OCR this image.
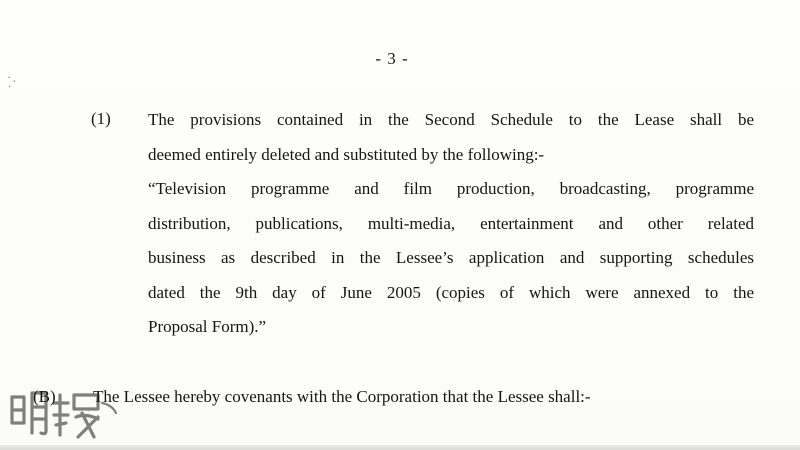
- 3 -
· ·
·
(1) The provisions contained in the Second Schedule to the Lease shall be
deemed entirely deleted and substituted by the following:-
“Television programme and film production, broadcasting, programme
distribution, publications, multi-media, entertainment and other related
business as described in the Lessee’s application and supporting schedules
dated the 9th day of June 2005 (copies of which were annexed to the
Proposal Form).”
(B) The Lessee hereby covenants with the Corporation that the Lessee shall:-
